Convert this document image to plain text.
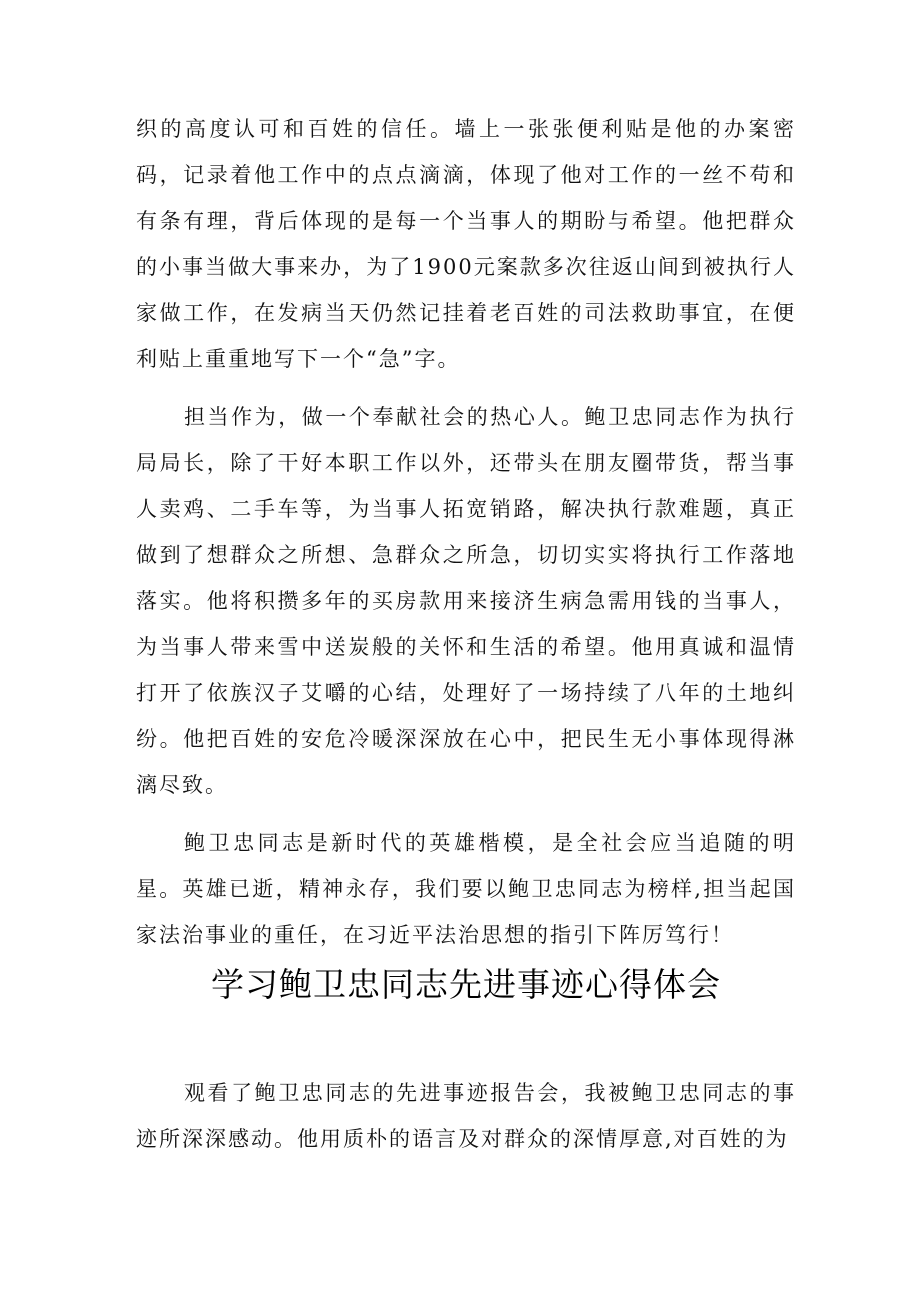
织的高度认可和百姓的信任。墙上一张张便利贴是他的办案密码，记录着他工作中的点点滴滴，体现了他对工作的一丝不苟和有条有理，背后体现的是每一个当事人的期盼与希望。他把群众的小事当做大事来办，为了1900元案款多次往返山间到被执行人家做工作，在发病当天仍然记挂着老百姓的司法救助事宜，在便利贴上重重地写下一个“急”字。

担当作为，做一个奉献社会的热心人。鲍卫忠同志作为执行局局长，除了干好本职工作以外，还带头在朋友圈带货，帮当事人卖鸡、二手车等，为当事人拓宽销路，解决执行款难题，真正做到了想群众之所想、急群众之所急，切切实实将执行工作落地落实。他将积攒多年的买房款用来接济生病急需用钱的当事人，为当事人带来雪中送炭般的关怀和生活的希望。他用真诚和温情打开了依族汉子艾嚼的心结，处理好了一场持续了八年的土地纠纷。他把百姓的安危冷暖深深放在心中，把民生无小事体现得淋漓尽致。

鲍卫忠同志是新时代的英雄楷模，是全社会应当追随的明星。英雄已逝，精神永存，我们要以鲍卫忠同志为榜样,担当起国家法治事业的重任，在习近平法治思想的指引下阵厉笃行！

学习鲍卫忠同志先进事迹心得体会

观看了鲍卫忠同志的先进事迹报告会，我被鲍卫忠同志的事迹所深深感动。他用质朴的语言及对群众的深情厚意,对百姓的为
